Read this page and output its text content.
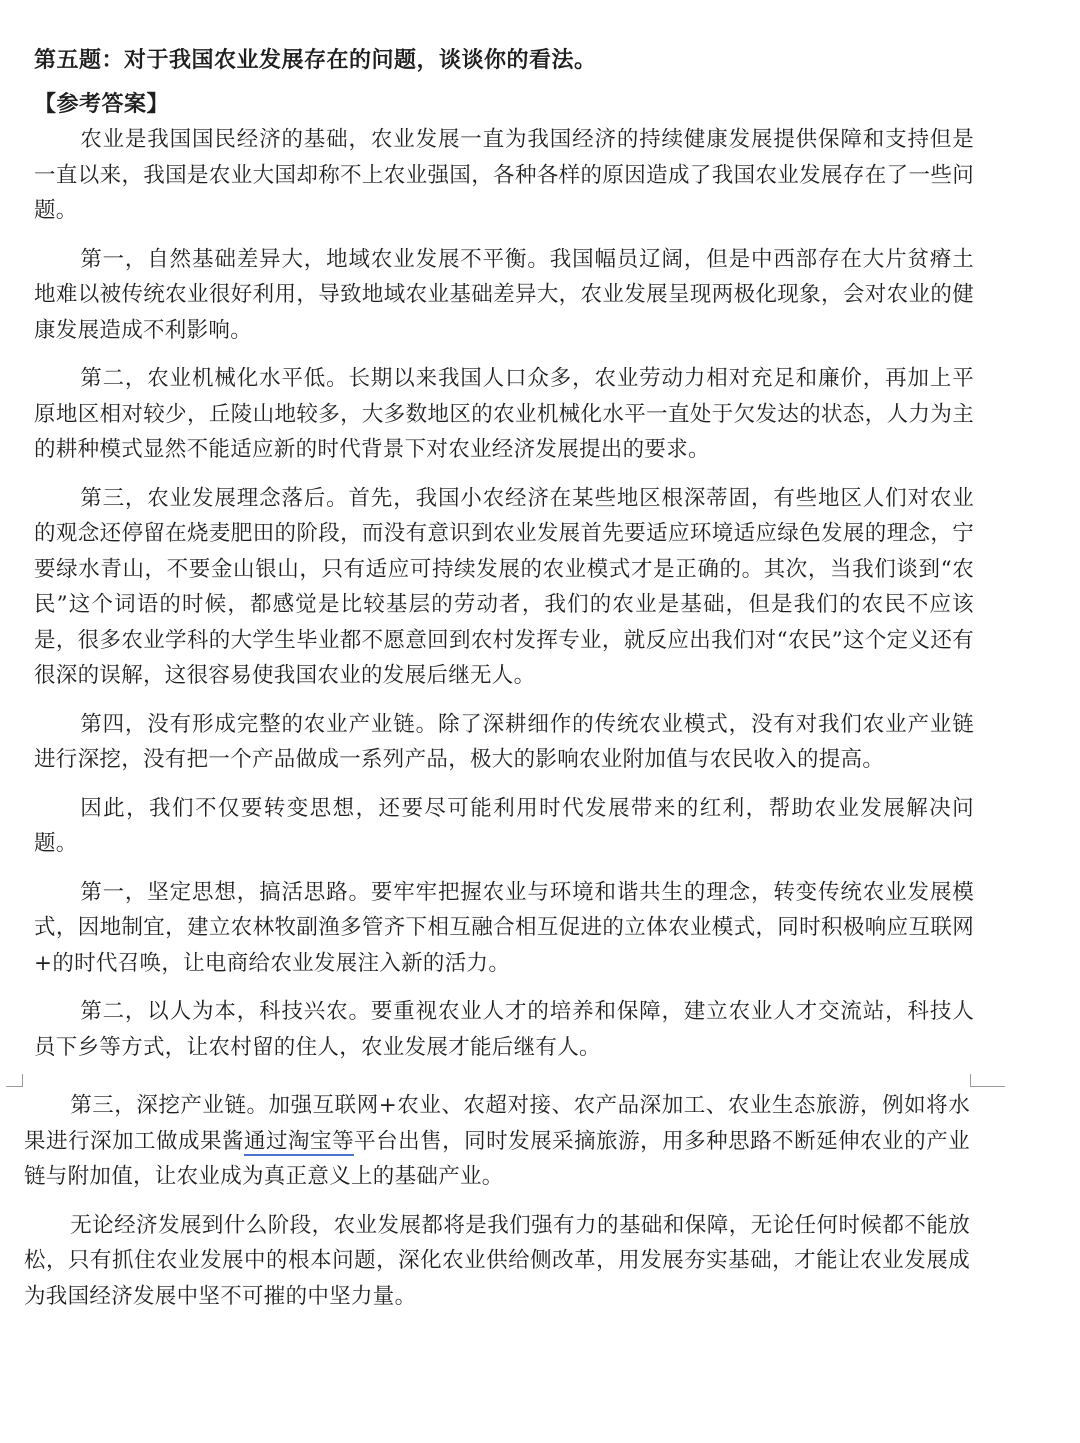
第五题：对于我国农业发展存在的问题，谈谈你的看法。

【参考答案】

农业是我国国民经济的基础，农业发展一直为我国经济的持续健康发展提供保障和支持但是一直以来，我国是农业大国却称不上农业强国，各种各样的原因造成了我国农业发展存在了一些问题。

第一，自然基础差异大，地域农业发展不平衡。我国幅员辽阔，但是中西部存在大片贫瘠土地难以被传统农业很好利用，导致地域农业基础差异大，农业发展呈现两极化现象，会对农业的健康发展造成不利影响。

第二，农业机械化水平低。长期以来我国人口众多，农业劳动力相对充足和廉价，再加上平原地区相对较少，丘陵山地较多，大多数地区的农业机械化水平一直处于欠发达的状态，人力为主的耕种模式显然不能适应新的时代背景下对农业经济发展提出的要求。

第三，农业发展理念落后。首先，我国小农经济在某些地区根深蒂固，有些地区人们对农业的观念还停留在烧麦肥田的阶段，而没有意识到农业发展首先要适应环境适应绿色发展的理念，宁要绿水青山，不要金山银山，只有适应可持续发展的农业模式才是正确的。其次，当我们谈到“农民”这个词语的时候，都感觉是比较基层的劳动者，我们的农业是基础，但是我们的农民不应该是，很多农业学科的大学生毕业都不愿意回到农村发挥专业，就反应出我们对“农民”这个定义还有很深的误解，这很容易使我国农业的发展后继无人。

第四，没有形成完整的农业产业链。除了深耕细作的传统农业模式，没有对我们农业产业链进行深挖，没有把一个产品做成一系列产品，极大的影响农业附加值与农民收入的提高。

因此，我们不仅要转变思想，还要尽可能利用时代发展带来的红利，帮助农业发展解决问题。

第一，坚定思想，搞活思路。要牢牢把握农业与环境和谐共生的理念，转变传统农业发展模式，因地制宜，建立农林牧副渔多管齐下相互融合相互促进的立体农业模式，同时积极响应互联网+的时代召唤，让电商给农业发展注入新的活力。

第二，以人为本，科技兴农。要重视农业人才的培养和保障，建立农业人才交流站，科技人员下乡等方式，让农村留的住人，农业发展才能后继有人。

第三，深挖产业链。加强互联网+农业、农超对接、农产品深加工、农业生态旅游，例如将水果进行深加工做成果酱通过淘宝等平台出售，同时发展采摘旅游，用多种思路不断延伸农业的产业链与附加值，让农业成为真正意义上的基础产业。

无论经济发展到什么阶段，农业发展都将是我们强有力的基础和保障，无论任何时候都不能放松，只有抓住农业发展中的根本问题，深化农业供给侧改革，用发展夯实基础，才能让农业发展成为我国经济发展中坚不可摧的中坚力量。
